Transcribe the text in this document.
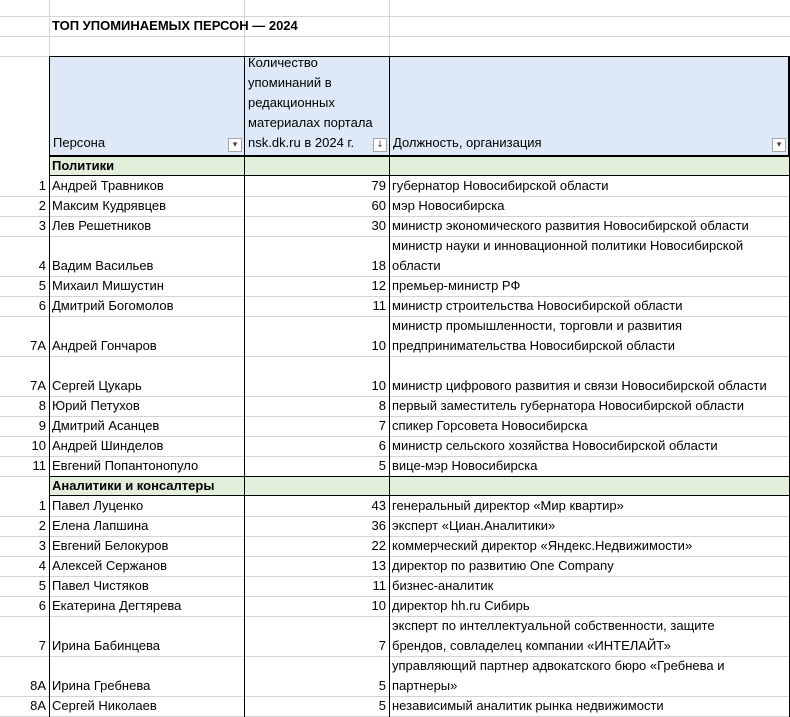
ТОП УПОМИНАЕМЫХ ПЕРСОН — 2024
Персона	▾
Количество
упоминаний в
редакционных
материалах портала
nsk.dk.ru в 2024 г.	↓ Должность, организация	▾
Политики
1 Андрей Травников	79 губернатор Новосибирской области
2 Максим Кудрявцев	60 мэр Новосибирска
3 Лев Решетников	30 министр экономического развития Новосибирской области
4 Вадим Васильев	18
министр науки и инновационной политики Новосибирской
области
5 Михаил Мишустин	12 премьер-министр РФ
6 Дмитрий Богомолов	11 министр строительства Новосибирской области
7А Андрей Гончаров	10
министр промышленности, торговли и развития
предпринимательства Новосибирской области
7А Сергей Цукарь	10 министр цифрового развития и связи Новосибирской области
8 Юрий Петухов	8 первый заместитель губернатора Новосибирской области
9 Дмитрий Асанцев	7 спикер Горсовета Новосибирска
10 Андрей Шинделов	6 министр сельского хозяйства Новосибирской области
11 Евгений Попантонопуло	5 вице-мэр Новосибирска
Аналитики и консалтеры
1 Павел Луценко	43 генеральный директор «Мир квартир»
2 Елена Лапшина	36 эксперт «Циан.Аналитики»
3 Евгений Белокуров	22 коммерческий директор «Яндекс.Недвижимости»
4 Алексей Сержанов	13 директор по развитию One Company
5 Павел Чистяков	11 бизнес-аналитик
6 Екатерина Дегтярева	10 директор hh.ru Сибирь
7 Ирина Бабинцева	7
эксперт по интеллектуальной собственности, защите
брендов, совладелец компании «ИНТЕЛАЙТ»
8А Ирина Гребнева	5
управляющий партнер адвокатского бюро «Гребнева и
партнеры»
8А Сергей Николаев	5 независимый аналитик рынка недвижимости
